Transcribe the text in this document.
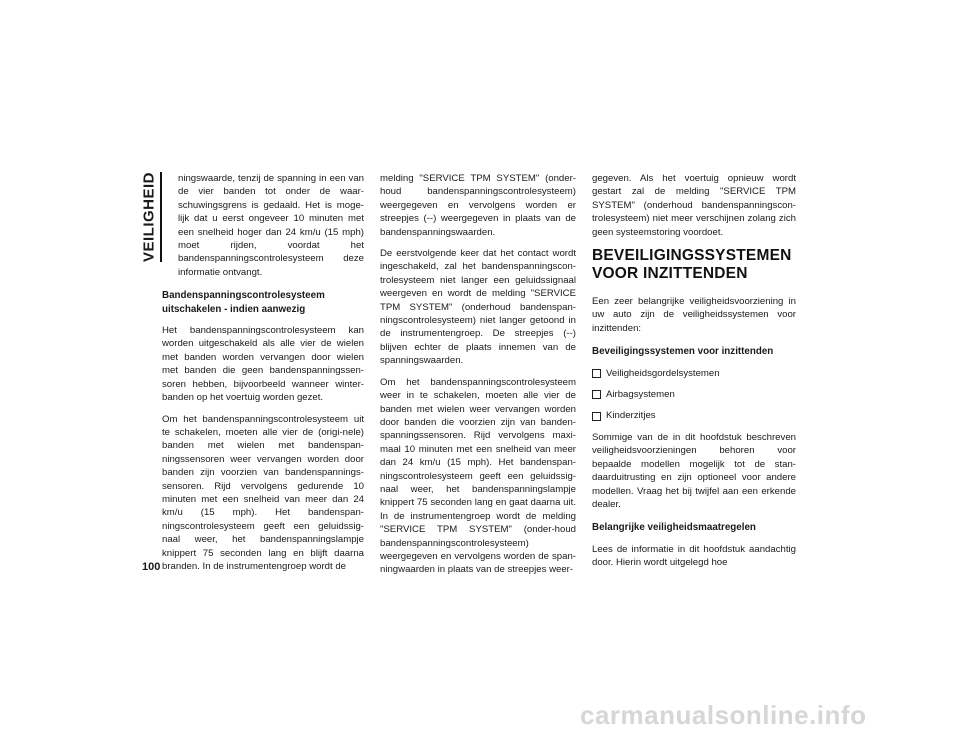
VEILIGHEID
100

ningswaarde, tenzij de spanning in een van de vier banden tot onder de waar-schuwingsgrens is gedaald. Het is moge-lijk dat u eerst ongeveer 10 minuten met een snelheid hoger dan 24 km/u (15 mph) moet rijden, voordat het bandenspanningscontrolesysteem deze informatie ontvangt.

Bandenspanningscontrolesysteem uitschakelen - indien aanwezig

Het bandenspanningscontrolesysteem kan worden uitgeschakeld als alle vier de wielen met banden worden vervangen door wielen met banden die geen bandenspanningssen-soren hebben, bijvoorbeeld wanneer winter-banden op het voertuig worden gezet.

Om het bandenspanningscontrolesysteem uit te schakelen, moeten alle vier de (origi-nele) banden met wielen met bandenspan-ningssensoren weer vervangen worden door banden zijn voorzien van bandenspannings-sensoren. Rijd vervolgens gedurende 10 minuten met een snelheid van meer dan 24 km/u (15 mph). Het bandenspan-ningscontrolesysteem geeft een geluidssig-naal weer, het bandenspanningslampje knippert 75 seconden lang en blijft daarna branden. In de instrumentengroep wordt de

melding "SERVICE TPM SYSTEM" (onder-houd bandenspanningscontrolesysteem) weergegeven en vervolgens worden er streepjes (--) weergegeven in plaats van de bandenspanningswaarden.

De eerstvolgende keer dat het contact wordt ingeschakeld, zal het bandenspanningscon-trolesysteem niet langer een geluidssignaal weergeven en wordt de melding "SERVICE TPM SYSTEM" (onderhoud bandenspan-ningscontrolesysteem) niet langer getoond in de instrumentengroep. De streepjes (--) blijven echter de plaats innemen van de spanningswaarden.

Om het bandenspanningscontrolesysteem weer in te schakelen, moeten alle vier de banden met wielen weer vervangen worden door banden die voorzien zijn van banden-spanningssensoren. Rijd vervolgens maxi-maal 10 minuten met een snelheid van meer dan 24 km/u (15 mph). Het bandenspan-ningscontrolesysteem geeft een geluidssig-naal weer, het bandenspanningslampje knippert 75 seconden lang en gaat daarna uit. In de instrumentengroep wordt de melding "SERVICE TPM SYSTEM" (onder-houd bandenspanningscontrolesysteem) weergegeven en vervolgens worden de span-ningwaarden in plaats van de streepjes weer-

gegeven. Als het voertuig opnieuw wordt gestart zal de melding "SERVICE TPM SYSTEM" (onderhoud bandenspanningscon-trolesysteem) niet meer verschijnen zolang zich geen systeemstoring voordoet.

BEVEILIGINGSSYSTEMEN
VOOR INZITTENDEN

Een zeer belangrijke veiligheidsvoorziening in uw auto zijn de veiligheidssystemen voor inzittenden:

Beveiligingssystemen voor inzittenden
Veiligheidsgordelsystemen
Airbagsystemen
Kinderzitjes

Sommige van de in dit hoofdstuk beschreven veiligheidsvoorzieningen behoren voor bepaalde modellen mogelijk tot de stan-daarduitrusting en zijn optioneel voor andere modellen. Vraag het bij twijfel aan een erkende dealer.

Belangrijke veiligheidsmaatregelen

Lees de informatie in dit hoofdstuk aandachtig door. Hierin wordt uitgelegd hoe

carmanualsonline.info
